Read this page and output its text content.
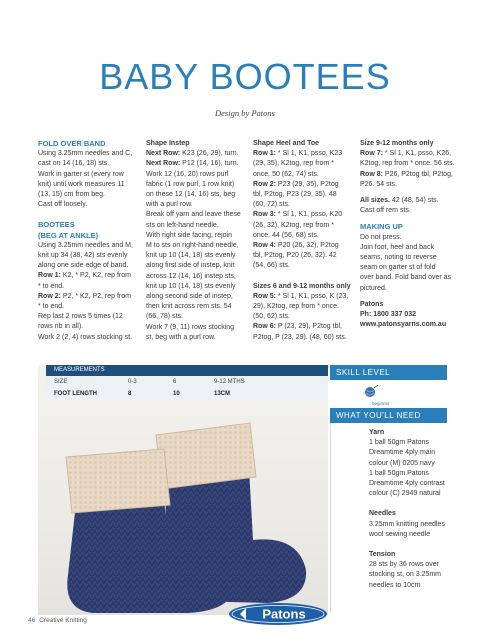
BABY BOOTEES
Design by Patons

FOLD OVER BAND

Using 3.25mm needles and C,

cast on 14 (16, 18) sts.

Work in garter st (every row

knit) until work measures 11

(13, 15) cm from beg.

Cast off loosely.

BOOTEES

(BEG AT ANKLE)

Using 3.25mm needles and M,

knit up 34 (38, 42) sts evenly

along one side edge of band.

Row 1: K2, * P2, K2, rep from

* to end.

Row 2: P2, * K2, P2, rep from

* to end.

Rep last 2 rows 5 times (12

rows rib in all).

Work 2 (2, 4) rows stocking st.

Shape Instep

Next Row: K23 (26, 29), turn.

Next Row: P12 (14, 16), turn.

Work 12 (16, 20) rows purl

fabric (1 row purl, 1 row knit)

on these 12 (14, 16) sts, beg

with a purl row.

Break off yarn and leave these

sts on left-hand needle.

With right side facing, rejoin

M to sts on right-hand needle,

knit up 10 (14, 18) sts evenly

along first side of instep, knit

across 12 (14, 16) instep sts,

knit up 10 (14, 18) sts evenly

along second side of instep,

then knit across rem sts. 54

(66, 78) sts.

Work 7 (9, 11) rows stocking

st, beg with a purl row.

Shape Heel and Toe

Row 1: * Sl 1, K1, psso, K23

(29, 35), K2tog, rep from *

once. 50 (62, 74) sts.

Row 2: P23 (29, 35), P2tog

tbl, P2tog, P23 (29, 35). 48

(60, 72) sts.

Row 3: * Sl 1, K1, psso, K20

(26, 32), K2tog, rep from *

once. 44 (56, 68) sts.

Row 4: P20 (26, 32), P2tog

tbl, P2tog, P20 (26, 32). 42

(54, 66) sts.

Sizes 6 and 9-12 months only

Row 5: * Sl 1, K1, psso, K (23,

29), K2tog, rep from * once.

(50, 62) sts.

Row 6: P (23, 29), P2tog tbl,

P2tog, P (23, 29). (48, 60) sts.

Size 9-12 months only

Row 7: * Sl 1, K1, psso, K26,

K2tog, rep from * once. 56 sts.

Row 8: P26, P2tog tbl, P2tog,

P26. 54 sts.

All sizes. 42 (48, 54) sts.

Cast off rem sts.

MAKING UP

Do not press.

Join foot, heel and back

seams, noting to reverse

seam on garter st of fold

over band. Fold band over as

pictured.

Patons

Ph: 1800 337 032

www.patonsyarns.com.au

MEASUREMENTS
SIZE	0-3	6	9-12 MTHS
FOOT LENGTH	8	10	13CM
SKILL LEVEL
beginner
WHAT YOU'LL NEED

Yarn

1 ball 50gm Patons

Dreamtime 4ply main

colour (M) 0205 navy

1 ball 50gm Patons

Dreamtime 4ply contrast

colour (C) 2949 natural

Needles

3.25mm knitting needles

wool sewing needle

Tension

28 sts by 36 rows over

stocking st, on 3.25mm

needles to 10cm

Patons
46 Creative Knitting
